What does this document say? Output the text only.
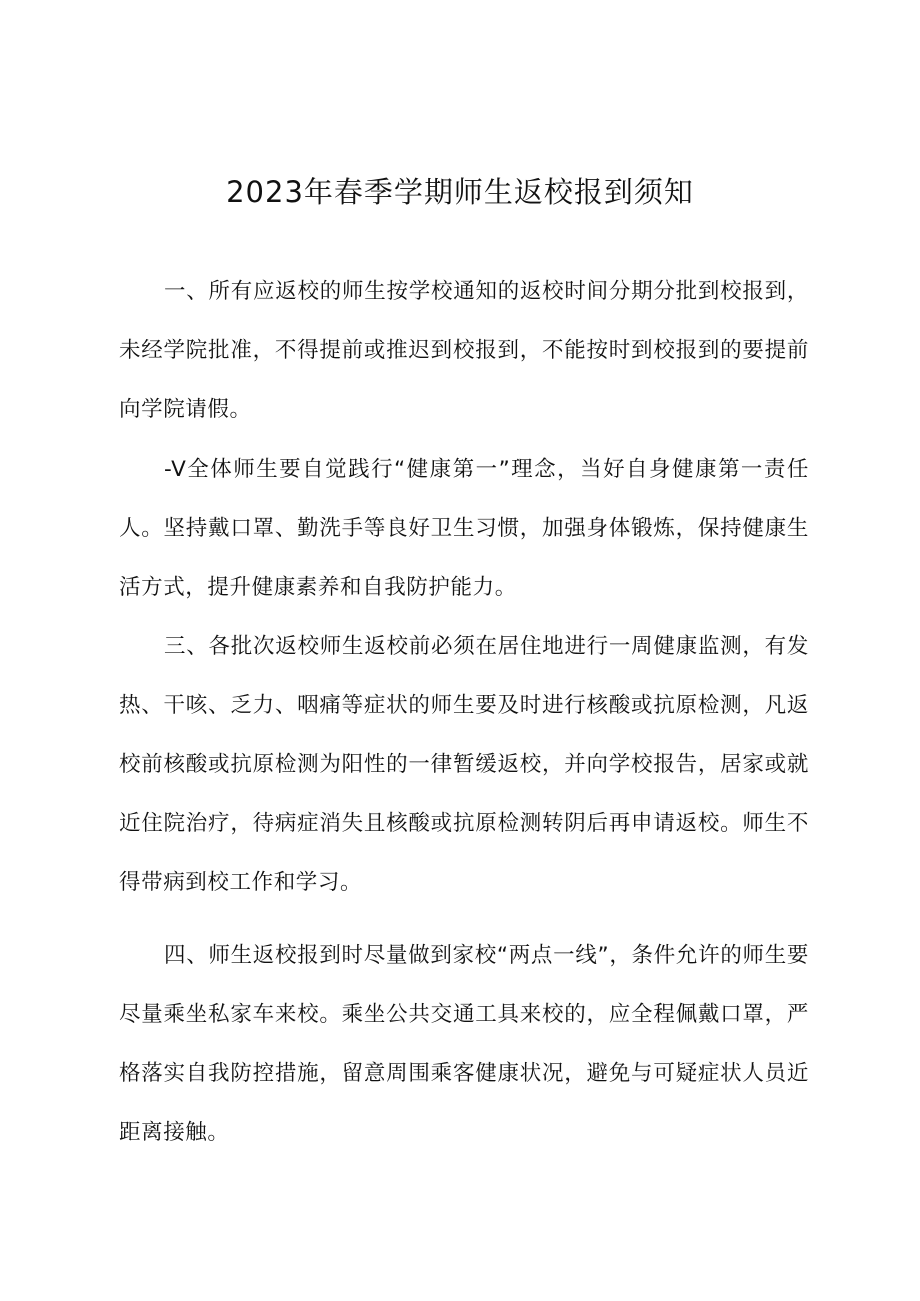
2023年春季学期师生返校报到须知

一、所有应返校的师生按学校通知的返校时间分期分批到校报到，未经学院批准，不得提前或推迟到校报到，不能按时到校报到的要提前向学院请假。

-V全体师生要自觉践行“健康第一”理念，当好自身健康第一责任人。坚持戴口罩、勤洗手等良好卫生习惯，加强身体锻炼，保持健康生活方式，提升健康素养和自我防护能力。

三、各批次返校师生返校前必须在居住地进行一周健康监测，有发热、干咳、乏力、咽痛等症状的师生要及时进行核酸或抗原检测，凡返校前核酸或抗原检测为阳性的一律暂缓返校，并向学校报告，居家或就近住院治疗，待病症消失且核酸或抗原检测转阴后再申请返校。师生不得带病到校工作和学习。

四、师生返校报到时尽量做到家校“两点一线”，条件允许的师生要尽量乘坐私家车来校。乘坐公共交通工具来校的，应全程佩戴口罩，严格落实自我防控措施，留意周围乘客健康状况，避免与可疑症状人员近距离接触。
